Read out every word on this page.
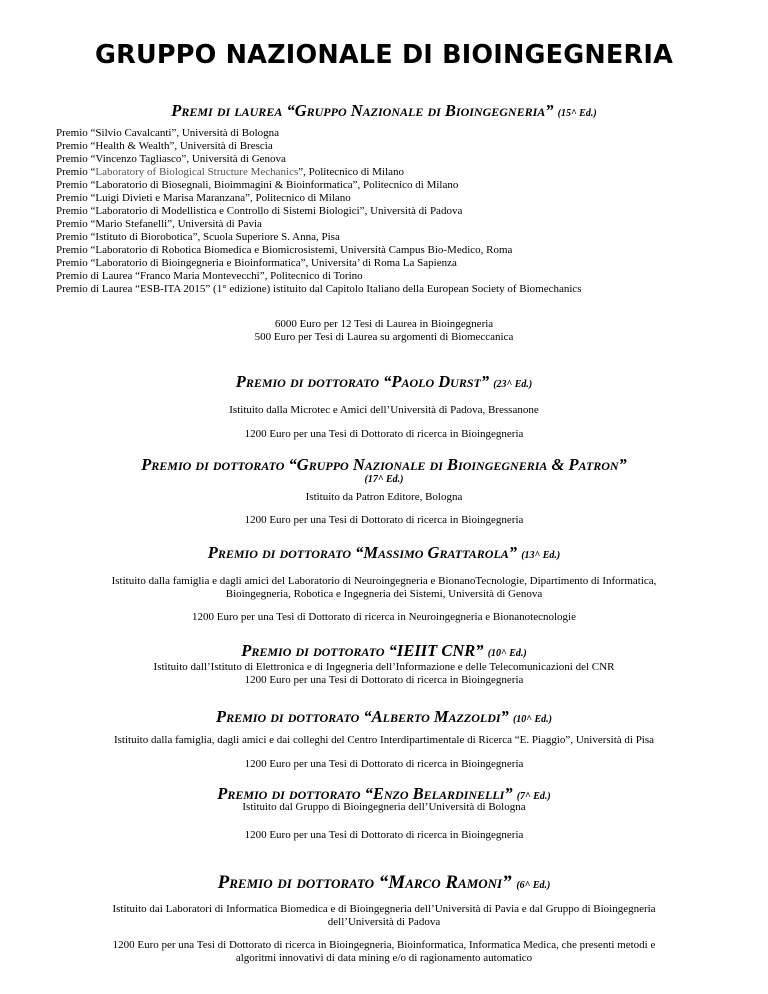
GRUPPO NAZIONALE DI BIOINGEGNERIA
Premi di laurea “Gruppo Nazionale di Bioingegneria” (15^ Ed.)
Premio “Silvio Cavalcanti”, Università di Bologna
Premio “Health & Wealth”, Università di Brescia
Premio “Vincenzo Tagliasco”, Università di Genova
Premio “Laboratory of Biological Structure Mechanics”, Politecnico di Milano
Premio “Laboratorio di Biosegnali, Bioimmagini & Bioinformatica”, Politecnico di Milano
Premio “Luigi Divieti e Marisa Maranzana”, Politecnico di Milano
Premio “Laboratorio di Modellistica e Controllo di Sistemi Biologici”, Università di Padova
Premio “Mario Stefanelli”, Università di Pavia
Premio “Istituto di Biorobotica”, Scuola Superiore S. Anna, Pisa
Premio “Laboratorio di Robotica Biomedica e Biomicrosistemi, Università Campus Bio-Medico, Roma
Premio “Laboratorio di Bioingegneria e Bioinformatica”, Universita’ di Roma La Sapienza
Premio di Laurea “Franco Maria Montevecchi”, Politecnico di Torino
Premio di Laurea “ESB-ITA 2015” (1° edizione) istituito dal Capitolo Italiano della European Society of Biomechanics
6000 Euro per 12 Tesi di Laurea in Bioingegneria
500 Euro per Tesi di Laurea su argomenti di Biomeccanica
Premio di dottorato “Paolo Durst” (23^ Ed.)
Istituito dalla Microtec e Amici dell’Università di Padova, Bressanone
1200 Euro per una Tesi di Dottorato di ricerca in Bioingegneria
Premio di dottorato “Gruppo Nazionale di Bioingegneria & Patron”
(17^ Ed.)
Istituito da Patron Editore, Bologna
1200 Euro per una Tesi di Dottorato di ricerca in Bioingegneria
Premio di dottorato “Massimo Grattarola” (13^ Ed.)
Istituito dalla famiglia e dagli amici del Laboratorio di Neuroingegneria e BionanoTecnologie, Dipartimento di Informatica,
Bioingegneria, Robotica e Ingegneria dei Sistemi, Università di Genova
1200 Euro per una Tesi di Dottorato di ricerca in Neuroingegneria e Bionanotecnologie
Premio di dottorato “IEIIT CNR” (10^ Ed.)
Istituito dall’Istituto di Elettronica e di Ingegneria dell’Informazione e delle Telecomunicazioni del CNR
1200 Euro per una Tesi di Dottorato di ricerca in Bioingegneria
Premio di dottorato “Alberto Mazzoldi” (10^ Ed.)
Istituito dalla famiglia, dagli amici e dai colleghi del Centro Interdipartimentale di Ricerca “E. Piaggio”, Università di Pisa
1200 Euro per una Tesi di Dottorato di ricerca in Bioingegneria
Premio di dottorato “Enzo Belardinelli” (7^ Ed.)
Istituito dal Gruppo di Bioingegneria dell’Università di Bologna
1200 Euro per una Tesi di Dottorato di ricerca in Bioingegneria
Premio di dottorato “Marco Ramoni” (6^ Ed.)
Istituito dai Laboratori di Informatica Biomedica e di Bioingegneria dell’Università di Pavia e dal Gruppo di Bioingegneria
dell’Università di Padova
1200 Euro per una Tesi di Dottorato di ricerca in Bioingegneria, Bioinformatica, Informatica Medica, che presenti metodi e
algoritmi innovativi di data mining e/o di ragionamento automatico
